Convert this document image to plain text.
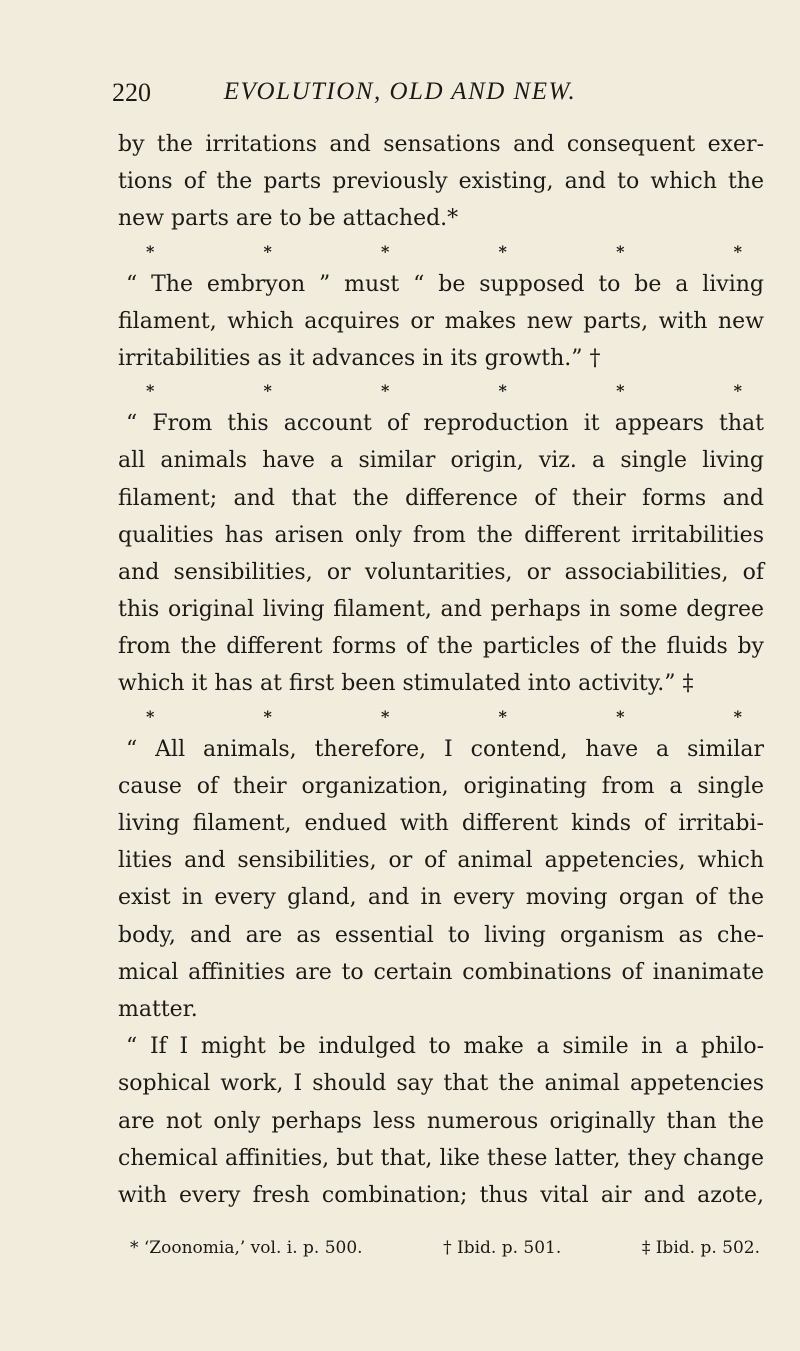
220	EVOLUTION, OLD AND NEW.
by the irritations and sensations and consequent exer-
tions of the parts previously existing, and to which the
new parts are to be attached.*
*	*	*	*	*	*
“ The embryon ” must “ be supposed to be a living
filament, which acquires or makes new parts, with new
irritabilities as it advances in its growth.” †
*	*	*	*	*	*
“ From this account of reproduction it appears that
all animals have a similar origin, viz. a single living
filament; and that the difference of their forms and
qualities has arisen only from the different irritabilities
and sensibilities, or voluntarities, or associabilities, of
this original living filament, and perhaps in some degree
from the different forms of the particles of the fluids by
which it has at first been stimulated into activity.” ‡
*	*	*	*	*	*
“ All animals, therefore, I contend, have a similar
cause of their organization, originating from a single
living filament, endued with different kinds of irritabi-
lities and sensibilities, or of animal appetencies, which
exist in every gland, and in every moving organ of the
body, and are as essential to living organism as che-
mical affinities are to certain combinations of inanimate
matter.
“ If I might be indulged to make a simile in a philo-
sophical work, I should say that the animal appetencies
are not only perhaps less numerous originally than the
chemical affinities, but that, like these latter, they change
with every fresh combination; thus vital air and azote,
* ‘Zoonomia,’ vol. i. p. 500.	† Ibid. p. 501.	‡ Ibid. p. 502.
